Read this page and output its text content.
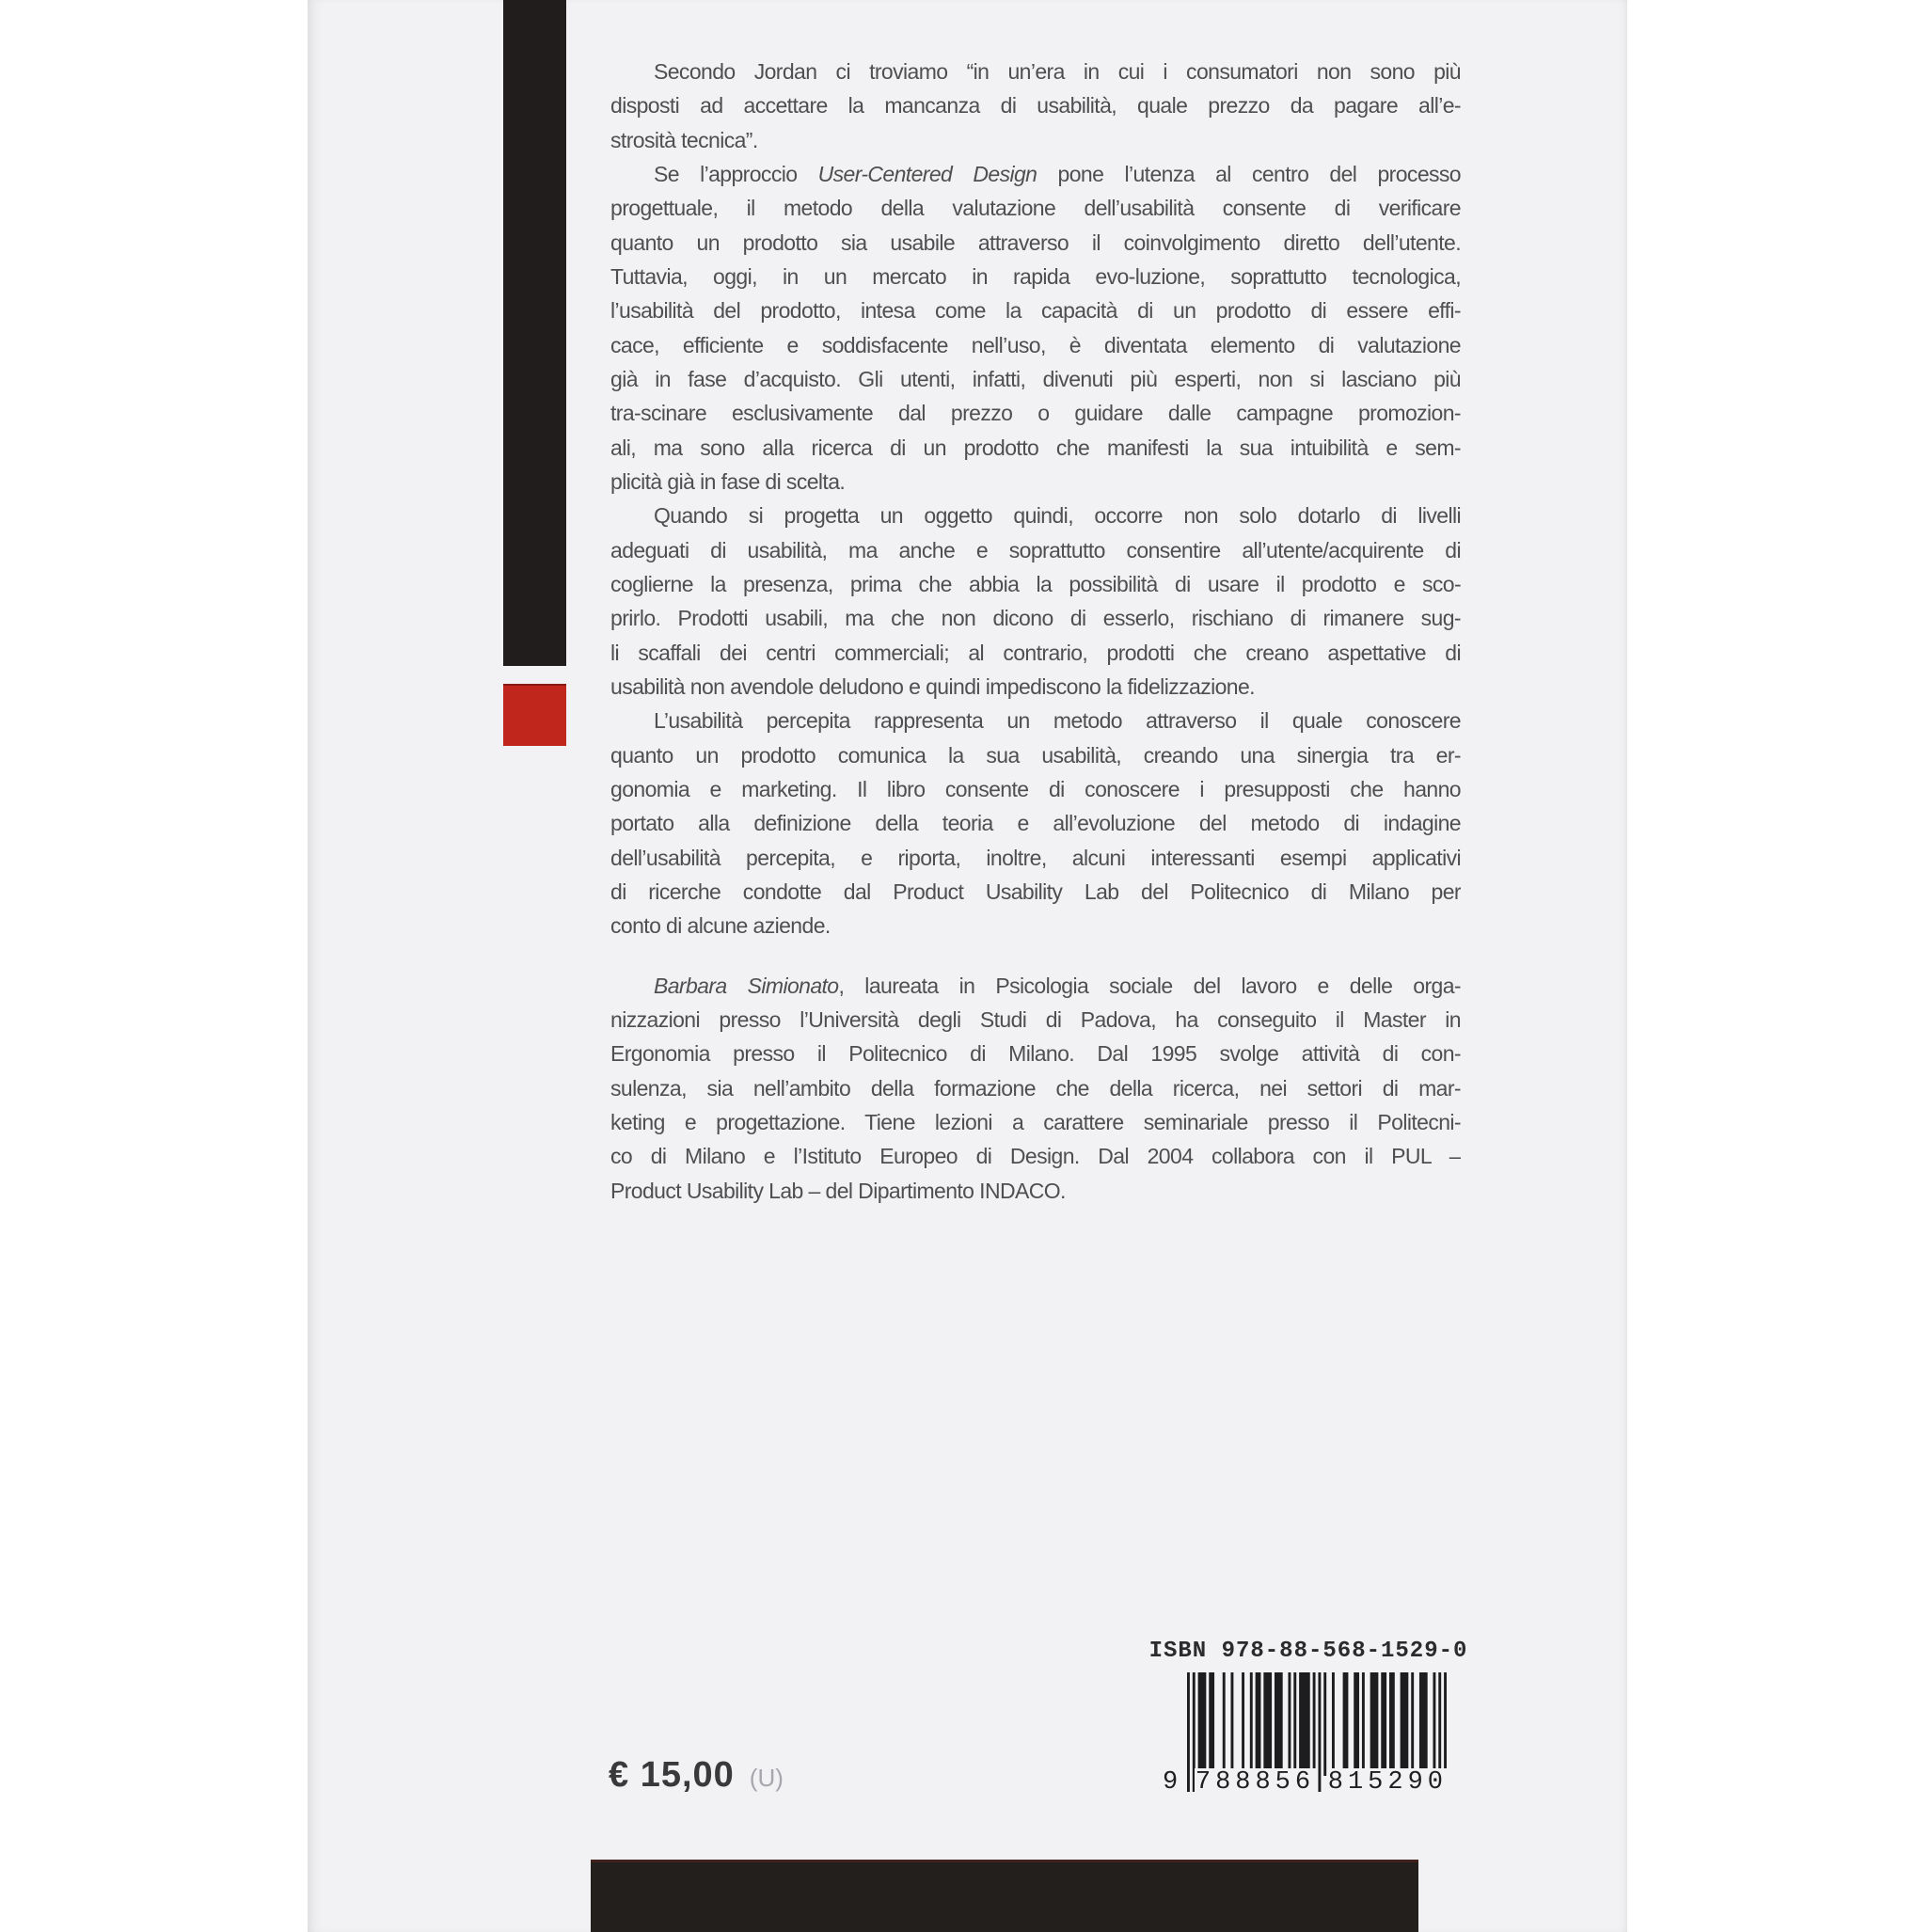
Secondo Jordan ci troviamo “in un’era in cui i consumatori non sono più
disposti ad accettare la mancanza di usabilità, quale prezzo da pagare all’e-
strosità tecnica”.
Se l’approccio User-Centered Design pone l’utenza al centro del processo
progettuale, il metodo della valutazione dell’usabilità consente di verificare
quanto un prodotto sia usabile attraverso il coinvolgimento diretto dell’utente.
Tuttavia, oggi, in un mercato in rapida evo-luzione, soprattutto tecnologica,
l’usabilità del prodotto, intesa come la capacità di un prodotto di essere effi-
cace, efficiente e soddisfacente nell’uso, è diventata elemento di valutazione
già in fase d’acquisto. Gli utenti, infatti, divenuti più esperti, non si lasciano più
tra-scinare esclusivamente dal prezzo o guidare dalle campagne promozion-
ali, ma sono alla ricerca di un prodotto che manifesti la sua intuibilità e sem-
plicità già in fase di scelta.
Quando si progetta un oggetto quindi, occorre non solo dotarlo di livelli
adeguati di usabilità, ma anche e soprattutto consentire all’utente/acquirente di
coglierne la presenza, prima che abbia la possibilità di usare il prodotto e sco-
prirlo. Prodotti usabili, ma che non dicono di esserlo, rischiano di rimanere sug-
li scaffali dei centri commerciali; al contrario, prodotti che creano aspettative di
usabilità non avendole deludono e quindi impediscono la fidelizzazione.
L’usabilità percepita rappresenta un metodo attraverso il quale conoscere
quanto un prodotto comunica la sua usabilità, creando una sinergia tra er-
gonomia e marketing. Il libro consente di conoscere i presupposti che hanno
portato alla definizione della teoria e all’evoluzione del metodo di indagine
dell’usabilità percepita, e riporta, inoltre, alcuni interessanti esempi applicativi
di ricerche condotte dal Product Usability Lab del Politecnico di Milano per
conto di alcune aziende.
Barbara Simionato, laureata in Psicologia sociale del lavoro e delle orga-
nizzazioni presso l’Università degli Studi di Padova, ha conseguito il Master in
Ergonomia presso il Politecnico di Milano. Dal 1995 svolge attività di con-
sulenza, sia nell’ambito della formazione che della ricerca, nei settori di mar-
keting e progettazione. Tiene lezioni a carattere seminariale presso il Politecni-
co di Milano e l’Istituto Europeo di Design. Dal 2004 collabora con il PUL –
Product Usability Lab – del Dipartimento INDACO.
ISBN 978-88-568-1529-0
9 788856 815290
€ 15,00 (U)
